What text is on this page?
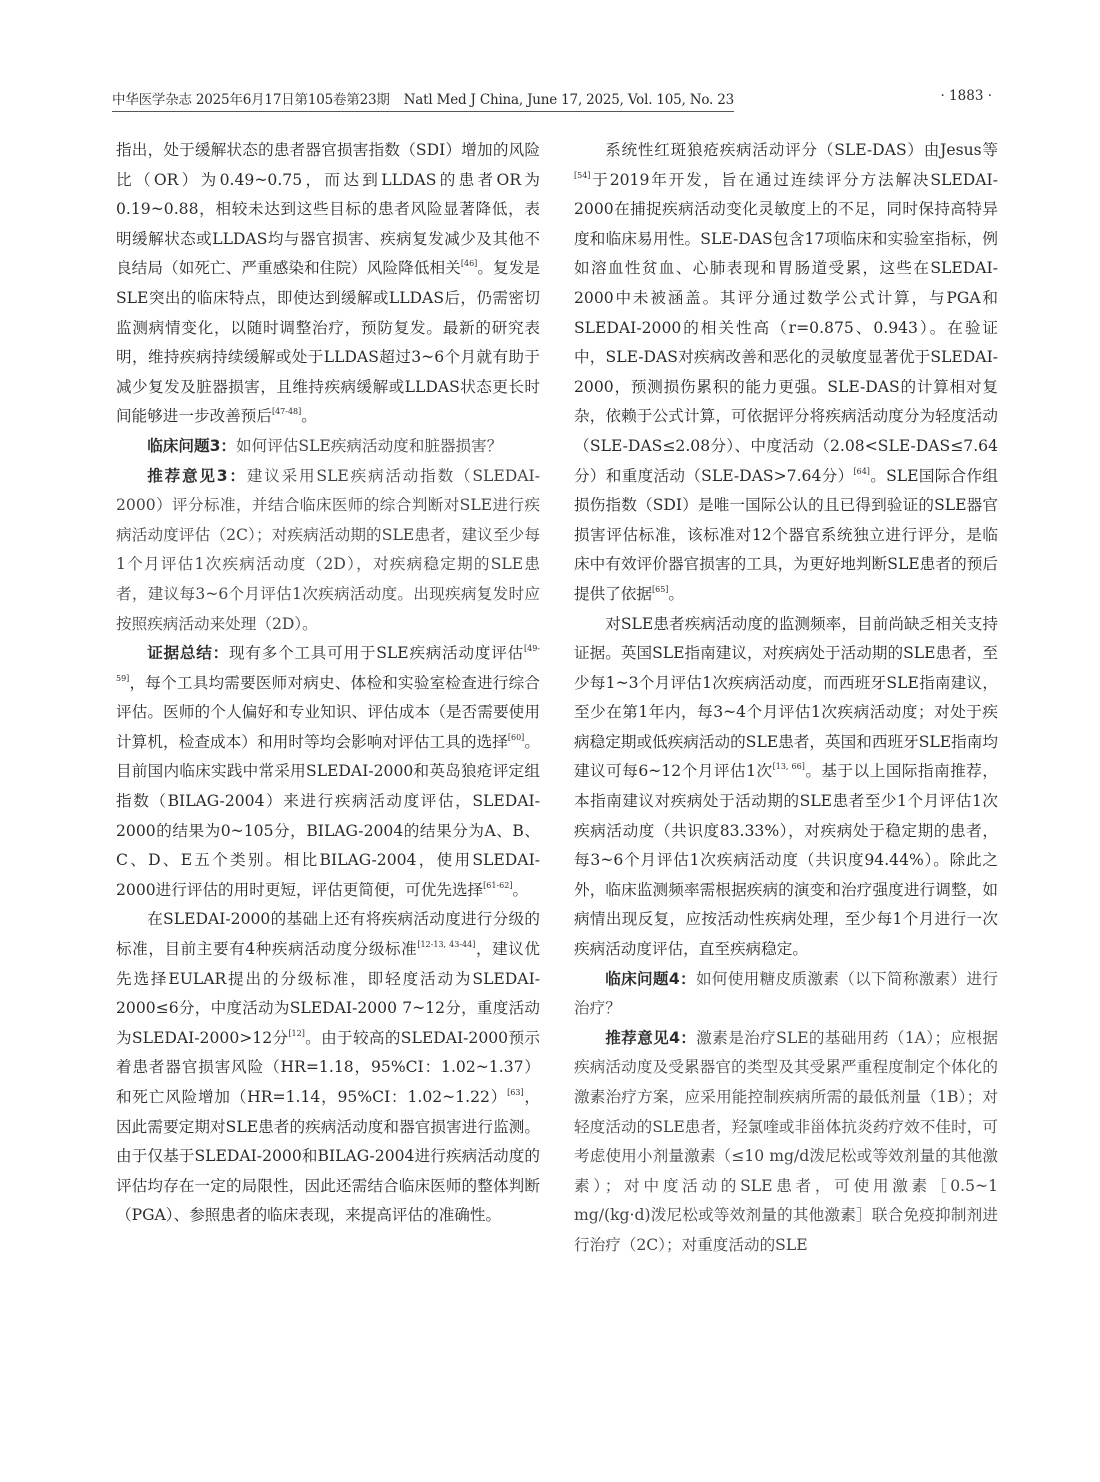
中华医学杂志 2025年6月17日第105卷第23期 Natl Med J China, June 17, 2025, Vol. 105, No. 23	· 1883 ·

指出，处于缓解状态的患者器官损害指数（SDI）增加的风险比（OR）为0.49~0.75，而达到LLDAS的患者OR为0.19~0.88，相较未达到这些目标的患者风险显著降低，表明缓解状态或LLDAS均与器官损害、疾病复发减少及其他不良结局（如死亡、严重感染和住院）风险降低相关[46]。复发是SLE突出的临床特点，即使达到缓解或LLDAS后，仍需密切监测病情变化，以随时调整治疗，预防复发。最新的研究表明，维持疾病持续缓解或处于LLDAS超过3~6个月就有助于减少复发及脏器损害，且维持疾病缓解或LLDAS状态更长时间能够进一步改善预后[47-48]。

临床问题3：如何评估SLE疾病活动度和脏器损害？

推荐意见3：建议采用SLE疾病活动指数（SLEDAI-2000）评分标准，并结合临床医师的综合判断对SLE进行疾病活动度评估（2C）；对疾病活动期的SLE患者，建议至少每1个月评估1次疾病活动度（2D），对疾病稳定期的SLE患者，建议每3~6个月评估1次疾病活动度。出现疾病复发时应按照疾病活动来处理（2D）。

证据总结：现有多个工具可用于SLE疾病活动度评估[49-59]，每个工具均需要医师对病史、体检和实验室检查进行综合评估。医师的个人偏好和专业知识、评估成本（是否需要使用计算机，检查成本）和用时等均会影响对评估工具的选择[60]。目前国内临床实践中常采用SLEDAI-2000和英岛狼疮评定组指数（BILAG-2004）来进行疾病活动度评估，SLEDAI-2000的结果为0~105分，BILAG-2004的结果分为A、B、C、D、E五个类别。相比BILAG-2004，使用SLEDAI-2000进行评估的用时更短，评估更简便，可优先选择[61-62]。

在SLEDAI-2000的基础上还有将疾病活动度进行分级的标准，目前主要有4种疾病活动度分级标准[12-13, 43-44]，建议优先选择EULAR提出的分级标准，即轻度活动为SLEDAI-2000≤6分，中度活动为SLEDAI-2000 7~12分，重度活动为SLEDAI-2000>12分[12]。由于较高的SLEDAI-2000预示着患者器官损害风险（HR=1.18，95%CI：1.02~1.37）和死亡风险增加（HR=1.14，95%CI：1.02~1.22）[63]，因此需要定期对SLE患者的疾病活动度和器官损害进行监测。由于仅基于SLEDAI-2000和BILAG-2004进行疾病活动度的评估均存在一定的局限性，因此还需结合临床医师的整体判断（PGA）、参照患者的临床表现，来提高评估的准确性。

系统性红斑狼疮疾病活动评分（SLE-DAS）由Jesus等[54]于2019年开发，旨在通过连续评分方法解决SLEDAI-2000在捕捉疾病活动变化灵敏度上的不足，同时保持高特异度和临床易用性。SLE-DAS包含17项临床和实验室指标，例如溶血性贫血、心肺表现和胃肠道受累，这些在SLEDAI-2000中未被涵盖。其评分通过数学公式计算，与PGA和SLEDAI-2000的相关性高（r=0.875、0.943）。在验证中，SLE-DAS对疾病改善和恶化的灵敏度显著优于SLEDAI-2000，预测损伤累积的能力更强。SLE-DAS的计算相对复杂，依赖于公式计算，可依据评分将疾病活动度分为轻度活动（SLE-DAS≤2.08分）、中度活动（2.08<SLE-DAS≤7.64分）和重度活动（SLE-DAS>7.64分）[64]。SLE国际合作组损伤指数（SDI）是唯一国际公认的且已得到验证的SLE器官损害评估标准，该标准对12个器官系统独立进行评分，是临床中有效评价器官损害的工具，为更好地判断SLE患者的预后提供了依据[65]。

对SLE患者疾病活动度的监测频率，目前尚缺乏相关支持证据。英国SLE指南建议，对疾病处于活动期的SLE患者，至少每1~3个月评估1次疾病活动度，而西班牙SLE指南建议，至少在第1年内，每3~4个月评估1次疾病活动度；对处于疾病稳定期或低疾病活动的SLE患者，英国和西班牙SLE指南均建议可每6~12个月评估1次[13, 66]。基于以上国际指南推荐，本指南建议对疾病处于活动期的SLE患者至少1个月评估1次疾病活动度（共识度83.33%），对疾病处于稳定期的患者，每3~6个月评估1次疾病活动度（共识度94.44%）。除此之外，临床监测频率需根据疾病的演变和治疗强度进行调整，如病情出现反复，应按活动性疾病处理，至少每1个月进行一次疾病活动度评估，直至疾病稳定。

临床问题4：如何使用糖皮质激素（以下简称激素）进行治疗？

推荐意见4：激素是治疗SLE的基础用药（1A）；应根据疾病活动度及受累器官的类型及其受累严重程度制定个体化的激素治疗方案，应采用能控制疾病所需的最低剂量（1B）；对轻度活动的SLE患者，羟氯喹或非甾体抗炎药疗效不佳时，可考虑使用小剂量激素（≤10 mg/d泼尼松或等效剂量的其他激素）；对中度活动的SLE患者，可使用激素［0.5~1 mg/(kg·d)泼尼松或等效剂量的其他激素］联合免疫抑制剂进行治疗（2C）；对重度活动的SLE
